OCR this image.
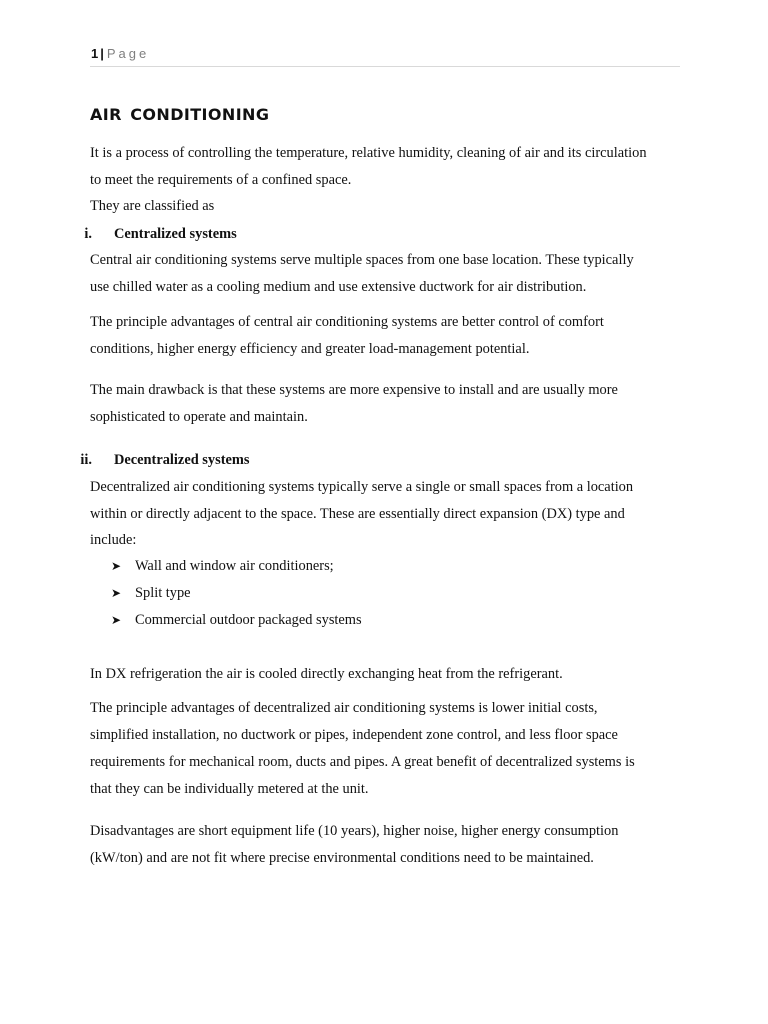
1 | Page
air conditioning
It is a process of controlling the temperature, relative humidity, cleaning of air and its circulation
to meet the requirements of a confined space.
They are classified as
i. Centralized systems
Central air conditioning systems serve multiple spaces from one base location. These typically
use chilled water as a cooling medium and use extensive ductwork for air distribution.
The principle advantages of central air conditioning systems are better control of comfort
conditions, higher energy efficiency and greater load-management potential.
The main drawback is that these systems are more expensive to install and are usually more
sophisticated to operate and maintain.
ii. Decentralized systems
Decentralized air conditioning systems typically serve a single or small spaces from a location
within or directly adjacent to the space. These are essentially direct expansion (DX) type and
include:
➤ Wall and window air conditioners;
➤ Split type
➤ Commercial outdoor packaged systems
In DX refrigeration the air is cooled directly exchanging heat from the refrigerant.
The principle advantages of decentralized air conditioning systems is lower initial costs,
simplified installation, no ductwork or pipes, independent zone control, and less floor space
requirements for mechanical room, ducts and pipes. A great benefit of decentralized systems is
that they can be individually metered at the unit.
Disadvantages are short equipment life (10 years), higher noise, higher energy consumption
(kW/ton) and are not fit where precise environmental conditions need to be maintained.
